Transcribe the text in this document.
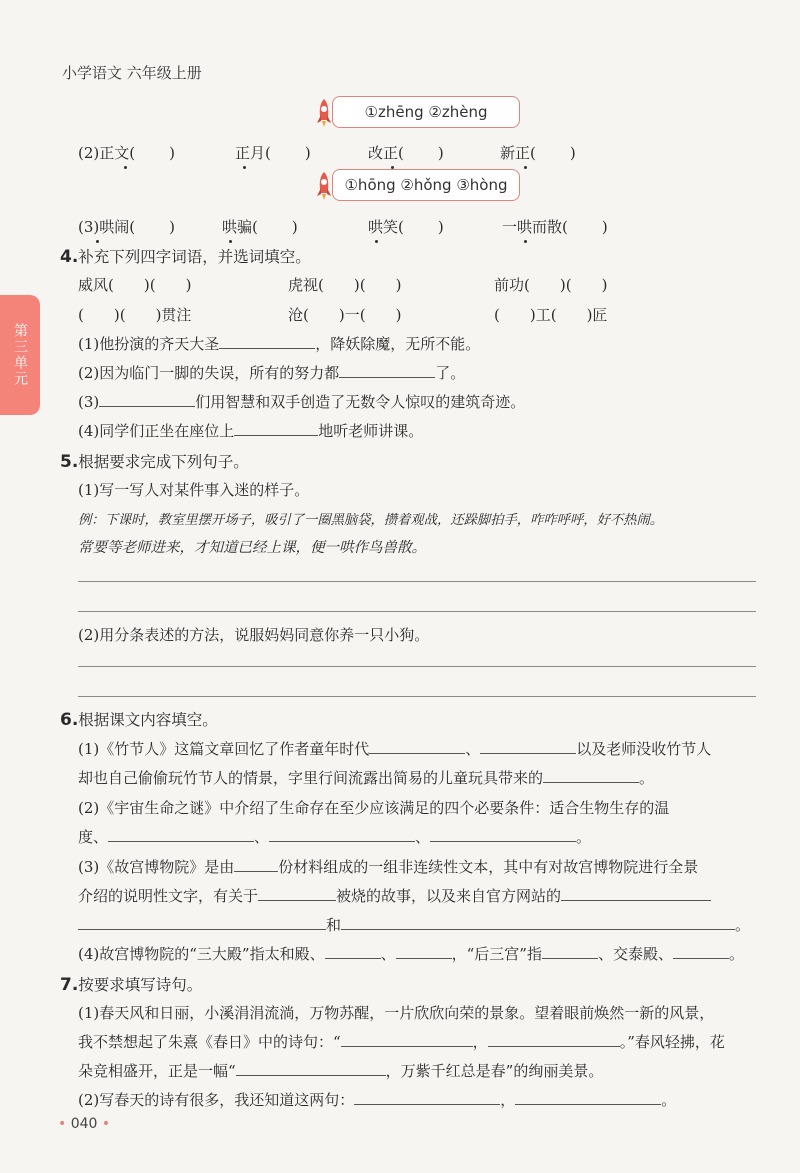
小学语文 六年级上册
第三单元
①zhēng ②zhèng
(2)正文( )	正月( )	改正( )	新正( )
①hōng ②hǒng ③hòng
(3)哄闹( )	哄骗( )	哄笑( )	一哄而散( )
4.补充下列四字词语，并选词填空。
威风( )( )	虎视( )( )	前功( )( )
( )( )贯注	沧( )一( )	( )工( )匠
(1)他扮演的齐天大圣	，降妖除魔，无所不能。
(2)因为临门一脚的失误，所有的努力都	了。
(3)	们用智慧和双手创造了无数令人惊叹的建筑奇迹。
(4)同学们正坐在座位上	地听老师讲课。
5.根据要求完成下列句子。
(1)写一写人对某件事入迷的样子。
例：下课时，教室里摆开场子，吸引了一圈黑脑袋，攒着观战，还跺脚拍手，咋咋呼呼，好不热闹。
常要等老师进来，才知道已经上课，便一哄作鸟兽散。
(2)用分条表述的方法，说服妈妈同意你养一只小狗。
6.根据课文内容填空。
(1)《竹节人》这篇文章回忆了作者童年时代	、	以及老师没收竹节人
却也自己偷偷玩竹节人的情景，字里行间流露出简易的儿童玩具带来的	。
(2)《宇宙生命之谜》中介绍了生命存在至少应该满足的四个必要条件：适合生物生存的温
度、	、	、	。
(3)《故宫博物院》是由	份材料组成的一组非连续性文本，其中有对故宫博物院进行全景
介绍的说明性文字，有关于	被烧的故事，以及来自官方网站的
和	。
(4)故宫博物院的“三大殿”指太和殿、	、	，“后三宫”指	、交泰殿、	。
7.按要求填写诗句。
(1)春天风和日丽，小溪涓涓流淌，万物苏醒，一片欣欣向荣的景象。望着眼前焕然一新的风景，
我不禁想起了朱熹《春日》中的诗句：“	，	。”春风轻拂，花
朵竞相盛开，正是一幅“	，万紫千红总是春”的绚丽美景。
(2)写春天的诗有很多，我还知道这两句：	，	。
• 040 •
